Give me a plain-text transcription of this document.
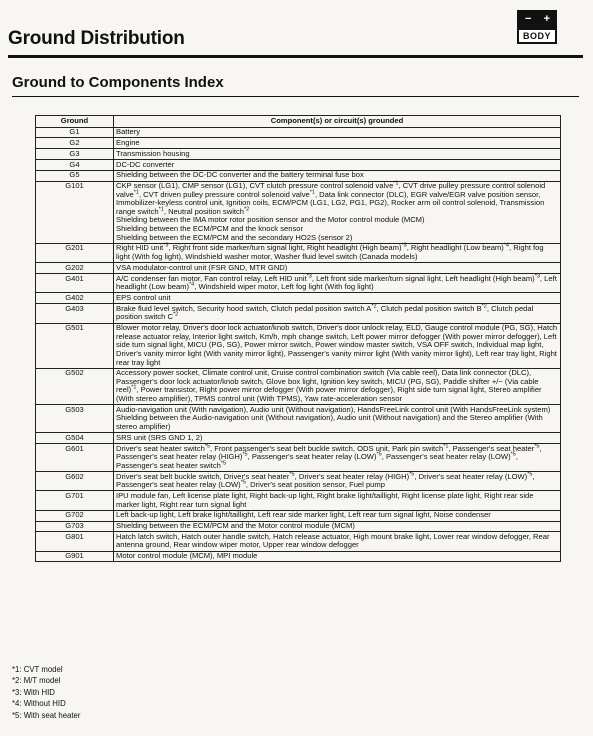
− +
BODY
Ground Distribution
Ground to Components Index
Ground	Component(s) or circuit(s) grounded
G1	Battery
G2	Engine
G3	Transmission housing
G4	DC-DC converter
G5	Shielding between the DC-DC converter and the battery terminal fuse box
G101	CKP sensor (LG1), CMP sensor (LG1), CVT clutch pressure control solenoid valve$^{*1}$, CVT drive pulley pressure control solenoid valve$^{*1}$, CVT driven pulley pressure control solenoid valve$^{*1}$, Data link connector (DLC), EGR valve/EGR valve position sensor, Immobilizer-keyless control unit, Ignition coils, ECM/PCM (LG1, LG2, PG1, PG2), Rocker arm oil control solenoid, Transmission range switch$^{*1}$, Neutral position switch$^{*2}$
Shielding between the IMA motor rotor position sensor and the Motor control module (MCM)
Shielding between the ECM/PCM and the knock sensor
Shielding between the ECM/PCM and the secondary HO2S (sensor 2)
G201	Right HID unit$^{*3}$, Right front side marker/turn signal light, Right headlight (High beam)$^{*3}$, Right headlight (Low beam)$^{*4}$, Right fog light (With fog light), Windshield washer motor, Washer fluid level switch (Canada models)
G202	VSA modulator-control unit (FSR GND, MTR GND)
G401	A/C condenser fan motor, Fan control relay, Left HID unit$^{*3}$, Left front side marker/turn signal light, Left headlight (High beam)$^{*3}$, Left headlight (Low beam)$^{*4}$, Windshield wiper motor, Left fog light (With fog light)
G402	EPS control unit
G403	Brake fluid level switch, Security hood switch, Clutch pedal position switch $A^{*2}$, Clutch pedal position switch $B^{*2}$, Clutch pedal position switch $C^{*2}$
G501	Blower motor relay, Driver's door lock actuator/knob switch, Driver's door unlock relay, ELD, Gauge control module (PG, SG), Hatch release actuator relay, Interior light switch, Km/h, mph change switch, Left power mirror defogger (With power mirror defogger), Left side turn signal light, MICU (PG, SG), Power mirror switch, Power window master switch, VSA OFF switch, Individual map light, Driver's vanity mirror light (With vanity mirror light), Passenger's vanity mirror light (With vanity mirror light), Left rear tray light, Right rear tray light
G502	Accessory power socket, Climate control unit, Cruise control combination switch (Via cable reel), Data link connector (DLC), Passenger's door lock actuator/knob switch, Glove box light, Ignition key switch, MICU (PG, SG), Paddle shifter +/− (Via cable reel)$^{*1}$, Power transistor, Right power mirror defogger (With power mirror defogger), Right side turn signal light, Stereo amplifier (With stereo amplifier), TPMS control unit (With TPMS), Yaw rate-acceleration sensor
G503	Audio-navigation unit (With navigation), Audio unit (Without navigation), HandsFreeLink control unit (With HandsFreeLink system)
Shielding between the Audio-navigation unit (Without navigation), Audio unit (Without navigation) and the Stereo amplifier (With stereo amplifier)
G504	SRS unit (SRS GND 1, 2)
G601	Driver's seat heater switch$^{*5}$, Front passenger's seat belt buckle switch, ODS unit, Park pin switch$^{*1}$, Passenger's seat heater$^{*5}$, Passenger's seat heater relay (HIGH)$^{*5}$, Passenger's seat heater relay (LOW)$^{*5}$, Passenger's seat heater relay (LOW)$^{*5}$, Passenger's seat heater switch$^{*5}$
G602	Driver's seat belt buckle switch, Driver's seat heater$^{*5}$, Driver's seat heater relay (HIGH)$^{*5}$, Driver's seat heater relay (LOW)$^{*5}$, Passenger's seat heater relay (LOW)$^{*5}$, Driver's seat position sensor, Fuel pump
G701	IPU module fan, Left license plate light, Right back-up light, Right brake light/taillight, Right license plate light, Right rear side marker light, Right rear turn signal light
G702	Left back-up light, Left brake light/taillight, Left rear side marker light, Left rear turn signal light, Noise condenser
G703	Shielding between the ECM/PCM and the Motor control module (MCM)
G801	Hatch latch switch, Hatch outer handle switch, Hatch release actuator, High mount brake light, Lower rear window defogger, Rear antenna ground, Rear window wiper motor, Upper rear window defogger
G901	Motor control module (MCM), MPI module
*1: CVT model
*2: M/T model
*3: With HID
*4: Without HID
*5: With seat heater
